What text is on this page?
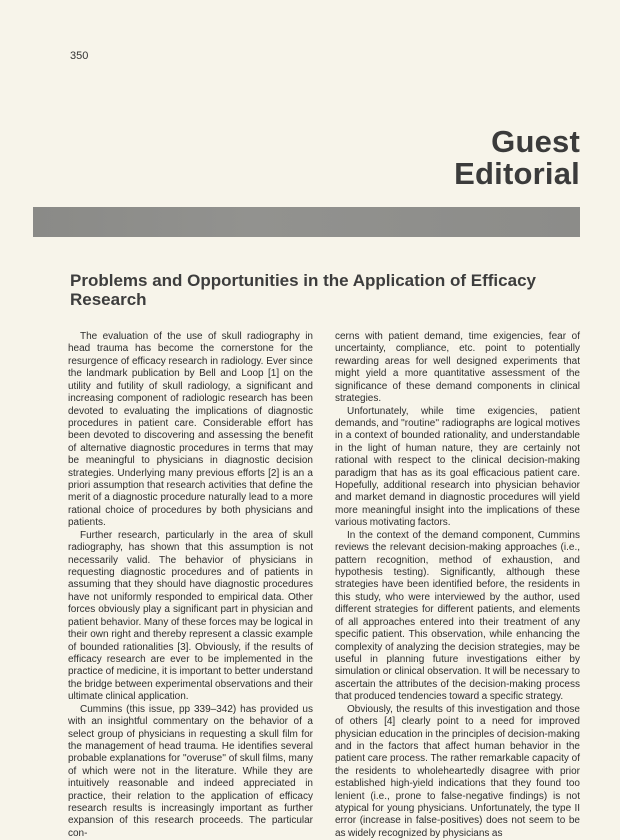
350
Guest
Editorial
Problems and Opportunities in the Application of Efficacy Research

The evaluation of the use of skull radiography in head trauma has become the cornerstone for the resurgence of efficacy research in radiology. Ever since the landmark publication by Bell and Loop [1] on the utility and futility of skull radiology, a significant and increasing component of radiologic research has been devoted to evaluating the implications of diagnostic procedures in patient care. Considerable effort has been devoted to discovering and assessing the benefit of alternative diagnostic procedures in terms that may be meaningful to physicians in diagnostic decision strategies. Underlying many previous efforts [2] is an a priori assumption that research activities that define the merit of a diagnostic procedure naturally lead to a more rational choice of procedures by both physicians and patients.

Further research, particularly in the area of skull radiography, has shown that this assumption is not necessarily valid. The behavior of physicians in requesting diagnostic procedures and of patients in assuming that they should have diagnostic procedures have not uniformly responded to empirical data. Other forces obviously play a significant part in physician and patient behavior. Many of these forces may be logical in their own right and thereby represent a classic example of bounded rationalities [3]. Obviously, if the results of efficacy research are ever to be implemented in the practice of medicine, it is important to better understand the bridge between experimental observations and their ultimate clinical application.

Cummins (this issue, pp 339–342) has provided us with an insightful commentary on the behavior of a select group of physicians in requesting a skull film for the management of head trauma. He identifies several probable explanations for ''overuse'' of skull films, many of which were not in the literature. While they are intuitively reasonable and indeed appreciated in practice, their relation to the application of efficacy research results is increasingly important as further expansion of this research proceeds. The particular con-

cerns with patient demand, time exigencies, fear of uncertainty, compliance, etc. point to potentially rewarding areas for well designed experiments that might yield a more quantitative assessment of the significance of these demand components in clinical strategies.

Unfortunately, while time exigencies, patient demands, and ''routine'' radiographs are logical motives in a context of bounded rationality, and understandable in the light of human nature, they are certainly not rational with respect to the clinical decision-making paradigm that has as its goal efficacious patient care. Hopefully, additional research into physician behavior and market demand in diagnostic procedures will yield more meaningful insight into the implications of these various motivating factors.

In the context of the demand component, Cummins reviews the relevant decision-making approaches (i.e., pattern recognition, method of exhaustion, and hypothesis testing). Significantly, although these strategies have been identified before, the residents in this study, who were interviewed by the author, used different strategies for different patients, and elements of all approaches entered into their treatment of any specific patient. This observation, while enhancing the complexity of analyzing the decision strategies, may be useful in planning future investigations either by simulation or clinical observation. It will be necessary to ascertain the attributes of the decision-making process that produced tendencies toward a specific strategy.

Obviously, the results of this investigation and those of others [4] clearly point to a need for improved physician education in the principles of decision-making and in the factors that affect human behavior in the patient care process. The rather remarkable capacity of the residents to wholeheartedly disagree with prior established high-yield indications that they found too lenient (i.e., prone to false-negative findings) is not atypical for young physicians. Unfortunately, the type II error (increase in false-positives) does not seem to be as widely recognized by physicians as
